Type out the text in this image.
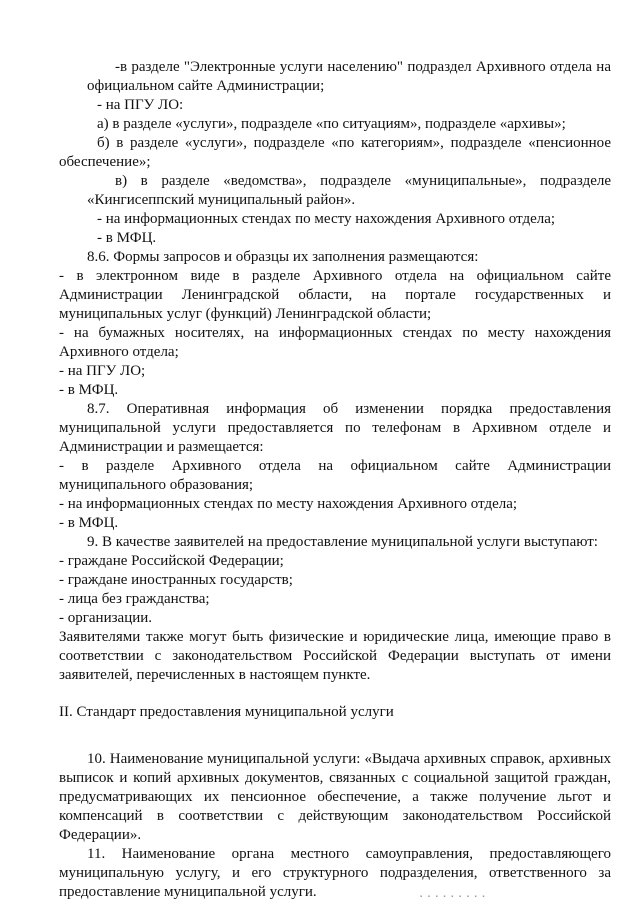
-в разделе "Электронные услуги населению" подраздел Архивного отдела на официальном сайте Администрации;

- на ПГУ ЛО:

а) в разделе «услуги», подразделе «по ситуациям», подразделе «архивы»;

б) в разделе «услуги», подразделе «по категориям», подразделе «пенсионное обеспечение»;

в) в разделе «ведомства», подразделе «муниципальные», подразделе «Кингисеппский муниципальный район».

- на информационных стендах по месту нахождения Архивного отдела;

- в МФЦ.

8.6. Формы запросов и образцы их заполнения размещаются:

- в электронном виде в разделе Архивного отдела на официальном сайте Администрации Ленинградской области, на портале государственных и муниципальных услуг (функций) Ленинградской области;

- на бумажных носителях, на информационных стендах по месту нахождения Архивного отдела;

- на ПГУ ЛО;

- в МФЦ.

8.7. Оперативная информация об изменении порядка предоставления муниципальной услуги предоставляется по телефонам в Архивном отделе и Администрации и размещается:

- в разделе Архивного отдела на официальном сайте Администрации муниципального образования;

- на информационных стендах по месту нахождения Архивного отдела;

- в МФЦ.

9. В качестве заявителей на предоставление муниципальной услуги выступают:

- граждане Российской Федерации;

- граждане иностранных государств;

- лица без гражданства;

- организации.

Заявителями также могут быть физические и юридические лица, имеющие право в соответствии с законодательством Российской Федерации выступать от имени заявителей, перечисленных в настоящем пункте.

II. Стандарт предоставления муниципальной услуги

10. Наименование муниципальной услуги: «Выдача архивных справок, архивных выписок и копий архивных документов, связанных с социальной защитой граждан, предусматривающих их пенсионное обеспечение, а также получение льгот и компенсаций в соответствии с действующим законодательством Российской Федерации».

11. Наименование органа местного самоуправления, предоставляющего муниципальную услугу, и его структурного подразделения, ответственного за предоставление муниципальной услуги.	▪ ▪ ▪ ▪ ▪ ▪ ▪ ▪ ▪
